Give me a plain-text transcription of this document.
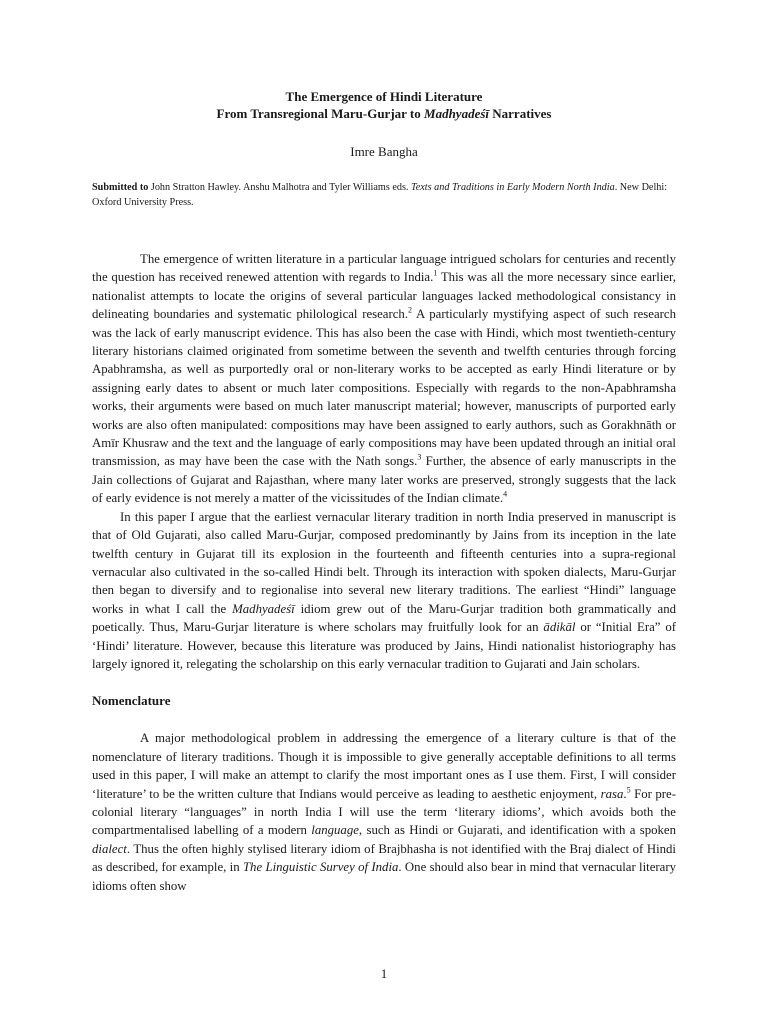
The Emergence of Hindi Literature

From Transregional Maru-Gurjar to Madhyadeśī Narratives

Imre Bangha
Submitted to John Stratton Hawley. Anshu Malhotra and Tyler Williams eds. Texts and Traditions in Early Modern North India. New Delhi: Oxford University Press.

The emergence of written literature in a particular language intrigued scholars for centuries and recently the question has received renewed attention with regards to India.$^1$ This was all the more necessary since earlier, nationalist attempts to locate the origins of several particular languages lacked methodological consistancy in delineating boundaries and systematic philological research.$^2$ A particularly mystifying aspect of such research was the lack of early manuscript evidence. This has also been the case with Hindi, which most twentieth-century literary historians claimed originated from sometime between the seventh and twelfth centuries through forcing Apabhramsha, as well as purportedly oral or non-literary works to be accepted as early Hindi literature or by assigning early dates to absent or much later compositions. Especially with regards to the non-Apabhramsha works, their arguments were based on much later manuscript material; however, manuscripts of purported early works are also often manipulated: compositions may have been assigned to early authors, such as Gorakhnāth or Amīr Khusraw and the text and the language of early compositions may have been updated through an initial oral transmission, as may have been the case with the Nath songs.$^3$ Further, the absence of early manuscripts in the Jain collections of Gujarat and Rajasthan, where many later works are preserved, strongly suggests that the lack of early evidence is not merely a matter of the vicissitudes of the Indian climate.$^4$

In this paper I argue that the earliest vernacular literary tradition in north India preserved in manuscript is that of Old Gujarati, also called Maru-Gurjar, composed predominantly by Jains from its inception in the late twelfth century in Gujarat till its explosion in the fourteenth and fifteenth centuries into a supra-regional vernacular also cultivated in the so-called Hindi belt. Through its interaction with spoken dialects, Maru-Gurjar then began to diversify and to regionalise into several new literary traditions. The earliest “Hindi” language works in what I call the Madhyadeśī idiom grew out of the Maru-Gurjar tradition both grammatically and poetically. Thus, Maru-Gurjar literature is where scholars may fruitfully look for an ādikāl or “Initial Era” of ‘Hindi’ literature. However, because this literature was produced by Jains, Hindi nationalist historiography has largely ignored it, relegating the scholarship on this early vernacular tradition to Gujarati and Jain scholars.

Nomenclature

A major methodological problem in addressing the emergence of a literary culture is that of the nomenclature of literary traditions. Though it is impossible to give generally acceptable definitions to all terms used in this paper, I will make an attempt to clarify the most important ones as I use them. First, I will consider ‘literature’ to be the written culture that Indians would perceive as leading to aesthetic enjoyment, rasa.$^5$ For pre-colonial literary “languages” in north India I will use the term ‘literary idioms’, which avoids both the compartmentalised labelling of a modern language, such as Hindi or Gujarati, and identification with a spoken dialect. Thus the often highly stylised literary idiom of Brajbhasha is not identified with the Braj dialect of Hindi as described, for example, in The Linguistic Survey of India. One should also bear in mind that vernacular literary idioms often show

1
